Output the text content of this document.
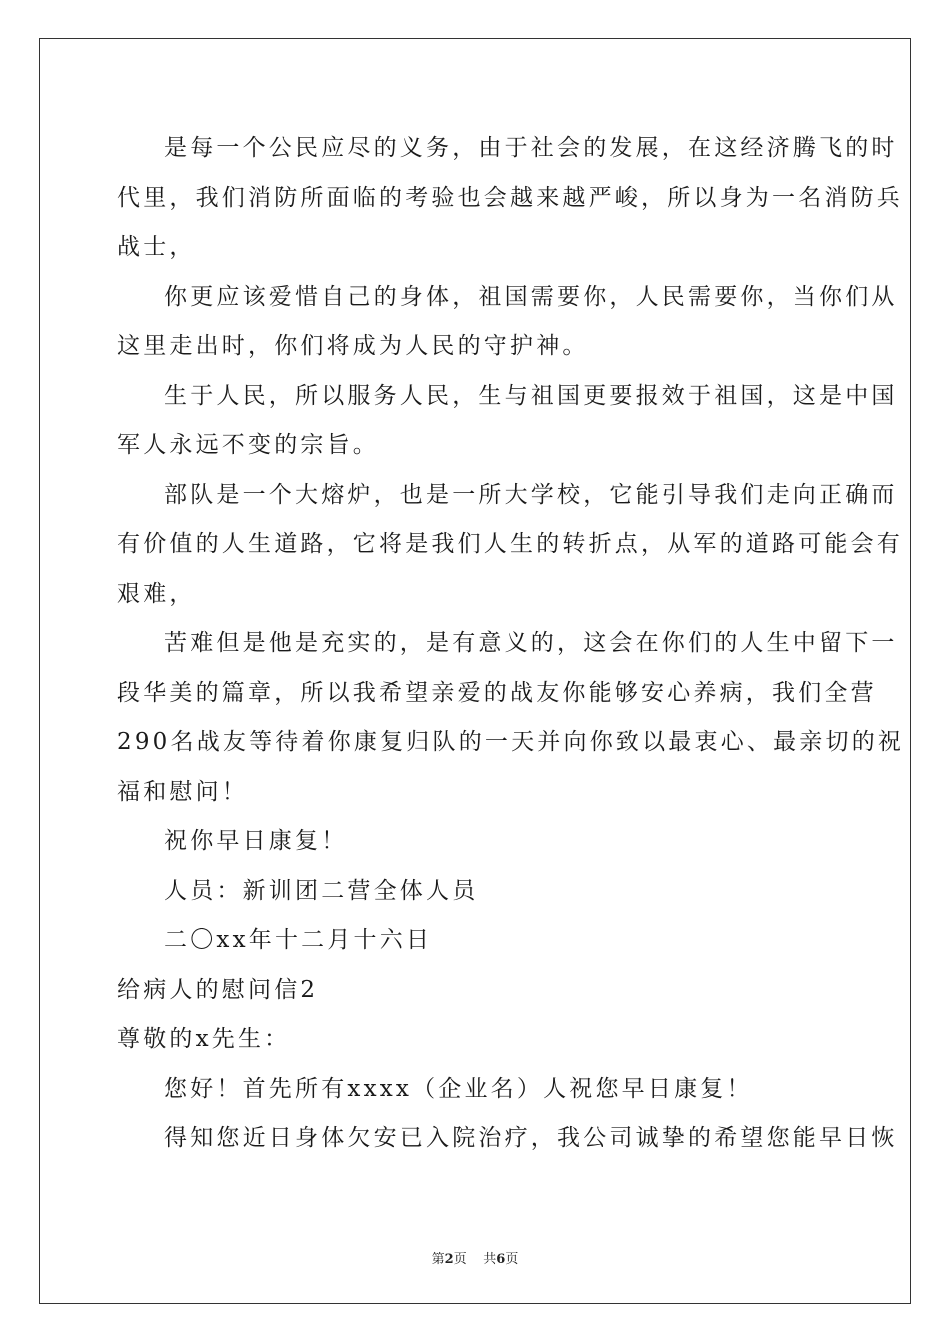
是每一个公民应尽的义务，由于社会的发展，在这经济腾飞的时
代里，我们消防所面临的考验也会越来越严峻，所以身为一名消防兵
战士，
你更应该爱惜自己的身体，祖国需要你，人民需要你，当你们从
这里走出时，你们将成为人民的守护神。
生于人民，所以服务人民，生与祖国更要报效于祖国，这是中国
军人永远不变的宗旨。
部队是一个大熔炉，也是一所大学校，它能引导我们走向正确而
有价值的人生道路，它将是我们人生的转折点，从军的道路可能会有
艰难，
苦难但是他是充实的，是有意义的，这会在你们的人生中留下一
段华美的篇章，所以我希望亲爱的战友你能够安心养病，我们全营
290名战友等待着你康复归队的一天并向你致以最衷心、最亲切的祝
福和慰问！
祝你早日康复！
人员：新训团二营全体人员
二〇xx年十二月十六日
给病人的慰问信2
尊敬的x先生：
您好！首先所有xxxx（企业名）人祝您早日康复！
得知您近日身体欠安已入院治疗，我公司诚挚的希望您能早日恢
第2页 共6页
